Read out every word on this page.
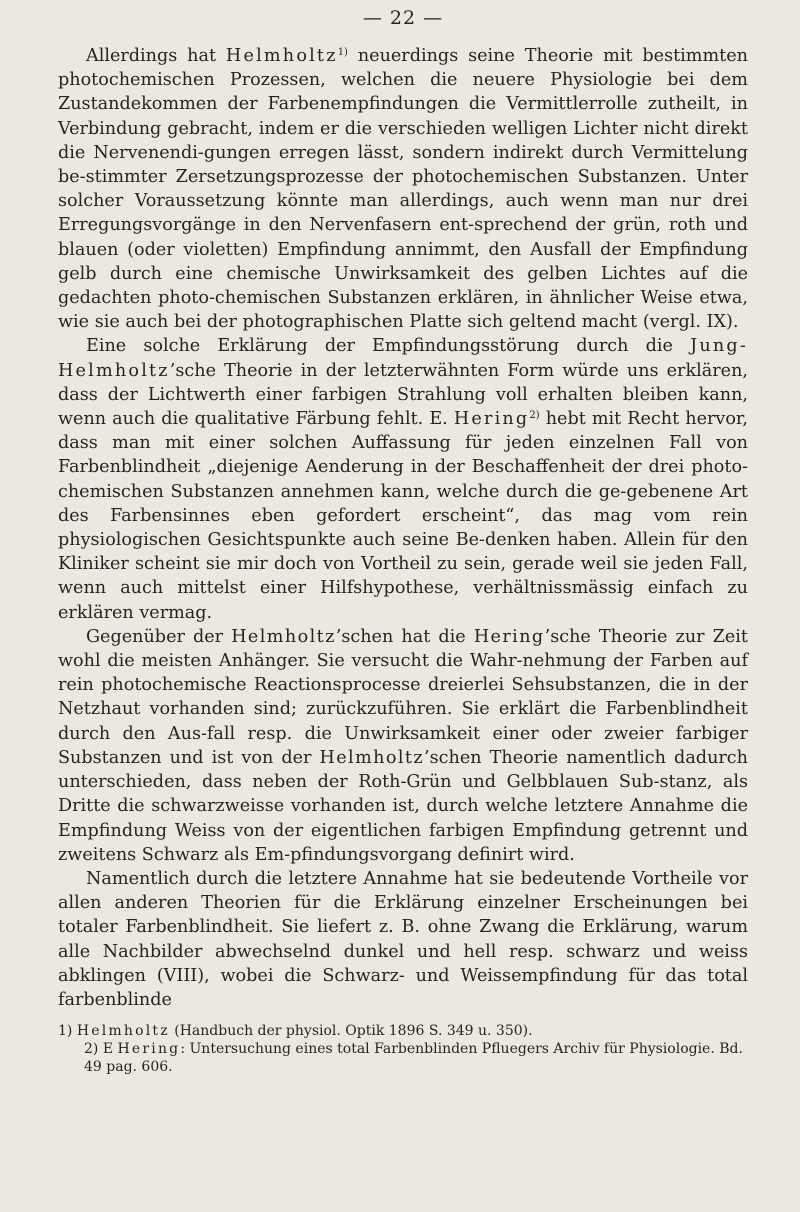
— 22 —

Allerdings hat Helmholtz$^{1)}$ neuerdings seine Theorie mit bestimmten photochemischen Prozessen, welchen die neuere Physiologie bei dem Zustandekommen der Farbenempfindungen die Vermittlerrolle zutheilt, in Verbindung gebracht, indem er die verschieden welligen Lichter nicht direkt die Nervenendi-gungen erregen lässt, sondern indirekt durch Vermittelung be-stimmter Zersetzungsprozesse der photochemischen Substanzen. Unter solcher Voraussetzung könnte man allerdings, auch wenn man nur drei Erregungsvorgänge in den Nervenfasern ent-sprechend der grün, roth und blauen (oder violetten) Empfindung annimmt, den Ausfall der Empfindung gelb durch eine chemische Unwirksamkeit des gelben Lichtes auf die gedachten photo-chemischen Substanzen erklären, in ähnlicher Weise etwa, wie sie auch bei der photographischen Platte sich geltend macht (vergl. IX).

Eine solche Erklärung der Empfindungsstörung durch die Jung-Helmholtz’sche Theorie in der letzterwähnten Form würde uns erklären, dass der Lichtwerth einer farbigen Strahlung voll erhalten bleiben kann, wenn auch die qualitative Färbung fehlt. E. Hering$^{2)}$ hebt mit Recht hervor, dass man mit einer solchen Auffassung für jeden einzelnen Fall von Farbenblindheit „diejenige Aenderung in der Beschaffenheit der drei photo-chemischen Substanzen annehmen kann, welche durch die ge-gebenene Art des Farbensinnes eben gefordert erscheint“, das mag vom rein physiologischen Gesichtspunkte auch seine Be-denken haben. Allein für den Kliniker scheint sie mir doch von Vortheil zu sein, gerade weil sie jeden Fall, wenn auch mittelst einer Hilfshypothese, verhältnissmässig einfach zu erklären vermag.

Gegenüber der Helmholtz’schen hat die Hering’sche Theorie zur Zeit wohl die meisten Anhänger. Sie versucht die Wahr-nehmung der Farben auf rein photochemische Reactionsprocesse dreierlei Sehsubstanzen, die in der Netzhaut vorhanden sind; zurückzuführen. Sie erklärt die Farbenblindheit durch den Aus-fall resp. die Unwirksamkeit einer oder zweier farbiger Substanzen und ist von der Helmholtz’schen Theorie namentlich dadurch unterschieden, dass neben der Roth-Grün und Gelbblauen Sub-stanz, als Dritte die schwarzweisse vorhanden ist, durch welche letztere Annahme die Empfindung Weiss von der eigentlichen farbigen Empfindung getrennt und zweitens Schwarz als Em-pfindungsvorgang definirt wird.

Namentlich durch die letztere Annahme hat sie bedeutende Vortheile vor allen anderen Theorien für die Erklärung einzelner Erscheinungen bei totaler Farbenblindheit. Sie liefert z. B. ohne Zwang die Erklärung, warum alle Nachbilder abwechselnd dunkel und hell resp. schwarz und weiss abklingen (VIII), wobei die Schwarz- und Weissempfindung für das total farbenblinde

1) Helmholtz (Handbuch der physiol. Optik 1896 S. 349 u. 350).

2) E Hering: Untersuchung eines total Farbenblinden Pfluegers Archiv für Physiologie. Bd. 49 pag. 606.
